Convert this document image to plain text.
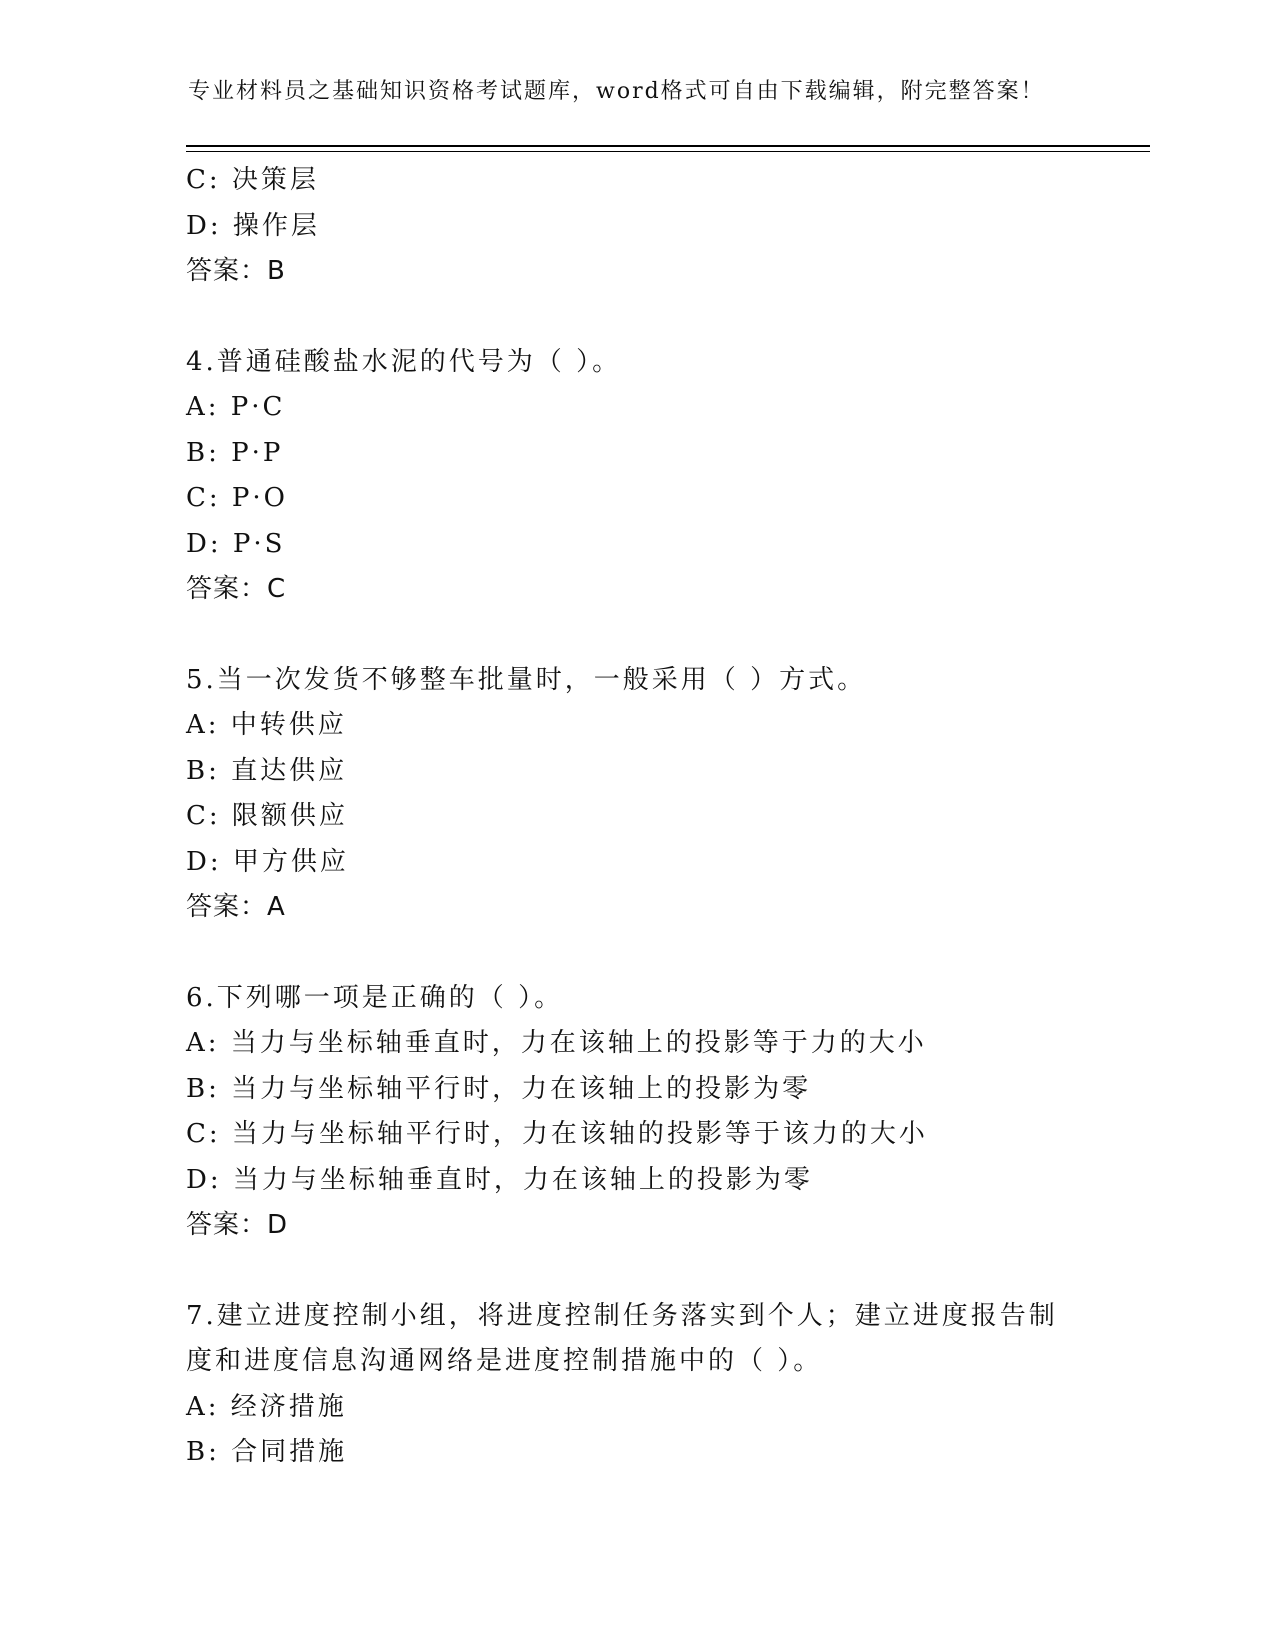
专业材料员之基础知识资格考试题库，word格式可自由下载编辑，附完整答案！
C: 决策层
D: 操作层
答案：B
4.普通硅酸盐水泥的代号为（ ）。
A: P·C
B: P·P
C: P·O
D: P·S
答案：C
5.当一次发货不够整车批量时，一般采用（ ）方式。
A: 中转供应
B: 直达供应
C: 限额供应
D: 甲方供应
答案：A
6.下列哪一项是正确的（ ）。
A: 当力与坐标轴垂直时，力在该轴上的投影等于力的大小
B: 当力与坐标轴平行时，力在该轴上的投影为零
C: 当力与坐标轴平行时，力在该轴的投影等于该力的大小
D: 当力与坐标轴垂直时，力在该轴上的投影为零
答案：D
7.建立进度控制小组，将进度控制任务落实到个人；建立进度报告制
度和进度信息沟通网络是进度控制措施中的（ ）。
A: 经济措施
B: 合同措施
